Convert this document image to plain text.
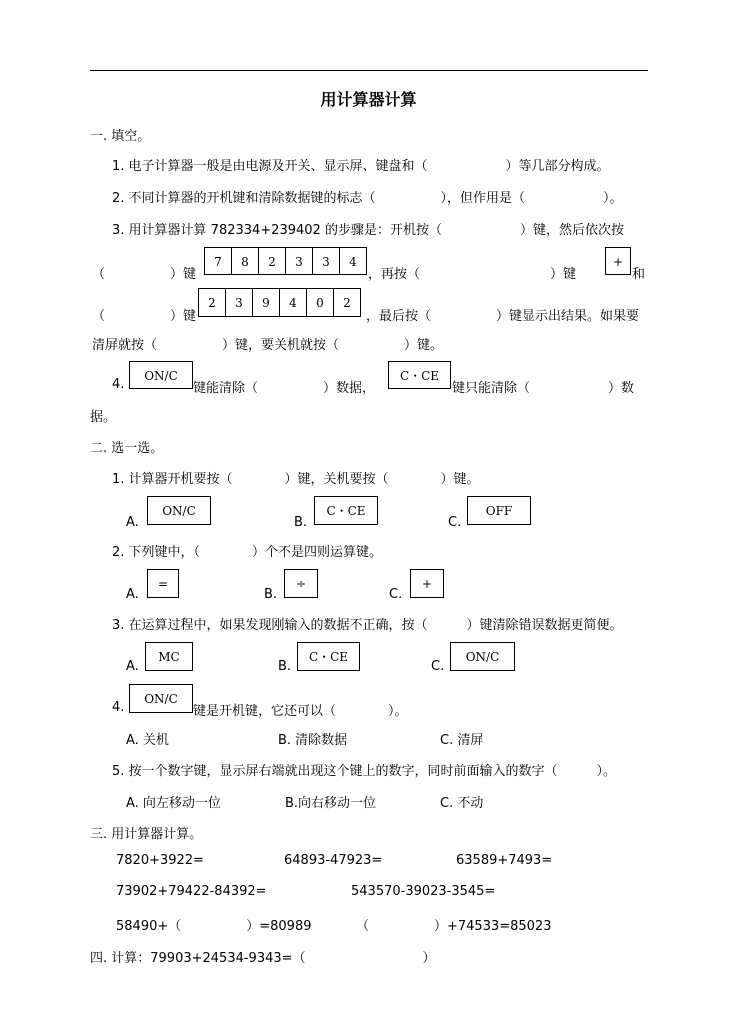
用计算器计算
一. 填空。
1. 电子计算器一般是由电源及开关、显示屏、键盘和（　　　　　　）等几部分构成。
2. 不同计算器的开机键和清除数据键的标志（　　　　　），但作用是（　　　　　　）。
3. 用计算器计算 782334+239402 的步骤是：开机按（　　　　　　）键，然后依次按
（　　　　　）键
7	8	2	3	3	4
，再按（　　　　　　　　　　）键
+
和
（　　　　　）键
2	3	9	4	0	2
，最后按（　　　　　）键显示出结果。如果要
清屏就按（　　　　　）键，要关机就按（　　　　　）键。
4.
ON/C
键能清除（　　　　　）数据，
C・CE
键只能清除（　　　　　　）数
据。
二. 选一选。
1. 计算器开机要按（　　　　）键，关机要按（　　　　）键。
A.
ON/C
B.
C・CE
C.
OFF
2. 下列键中，（　　　　）个不是四则运算键。
A.
=
B.
÷
C.
+
3. 在运算过程中，如果发现刚输入的数据不正确，按（　　　）键清除错误数据更简便。
A.
MC
B.
C・CE
C.
ON/C
4.
ON/C
键是开机键，它还可以（　　　　）。
A. 关机	B. 清除数据	C. 清屏
5. 按一个数字键，显示屏右端就出现这个键上的数字，同时前面输入的数字（　　　）。
A. 向左移动一位	B.向右移动一位	C. 不动
三. 用计算器计算。
7820+3922=	64893-47923=	63589+7493=
73902+79422-84392=	543570-39023-3545=
58490+（　　　　　）=80989	（　　　　　）+74533=85023
四. 计算：79903+24534-9343=（　　　　　　　　　）
